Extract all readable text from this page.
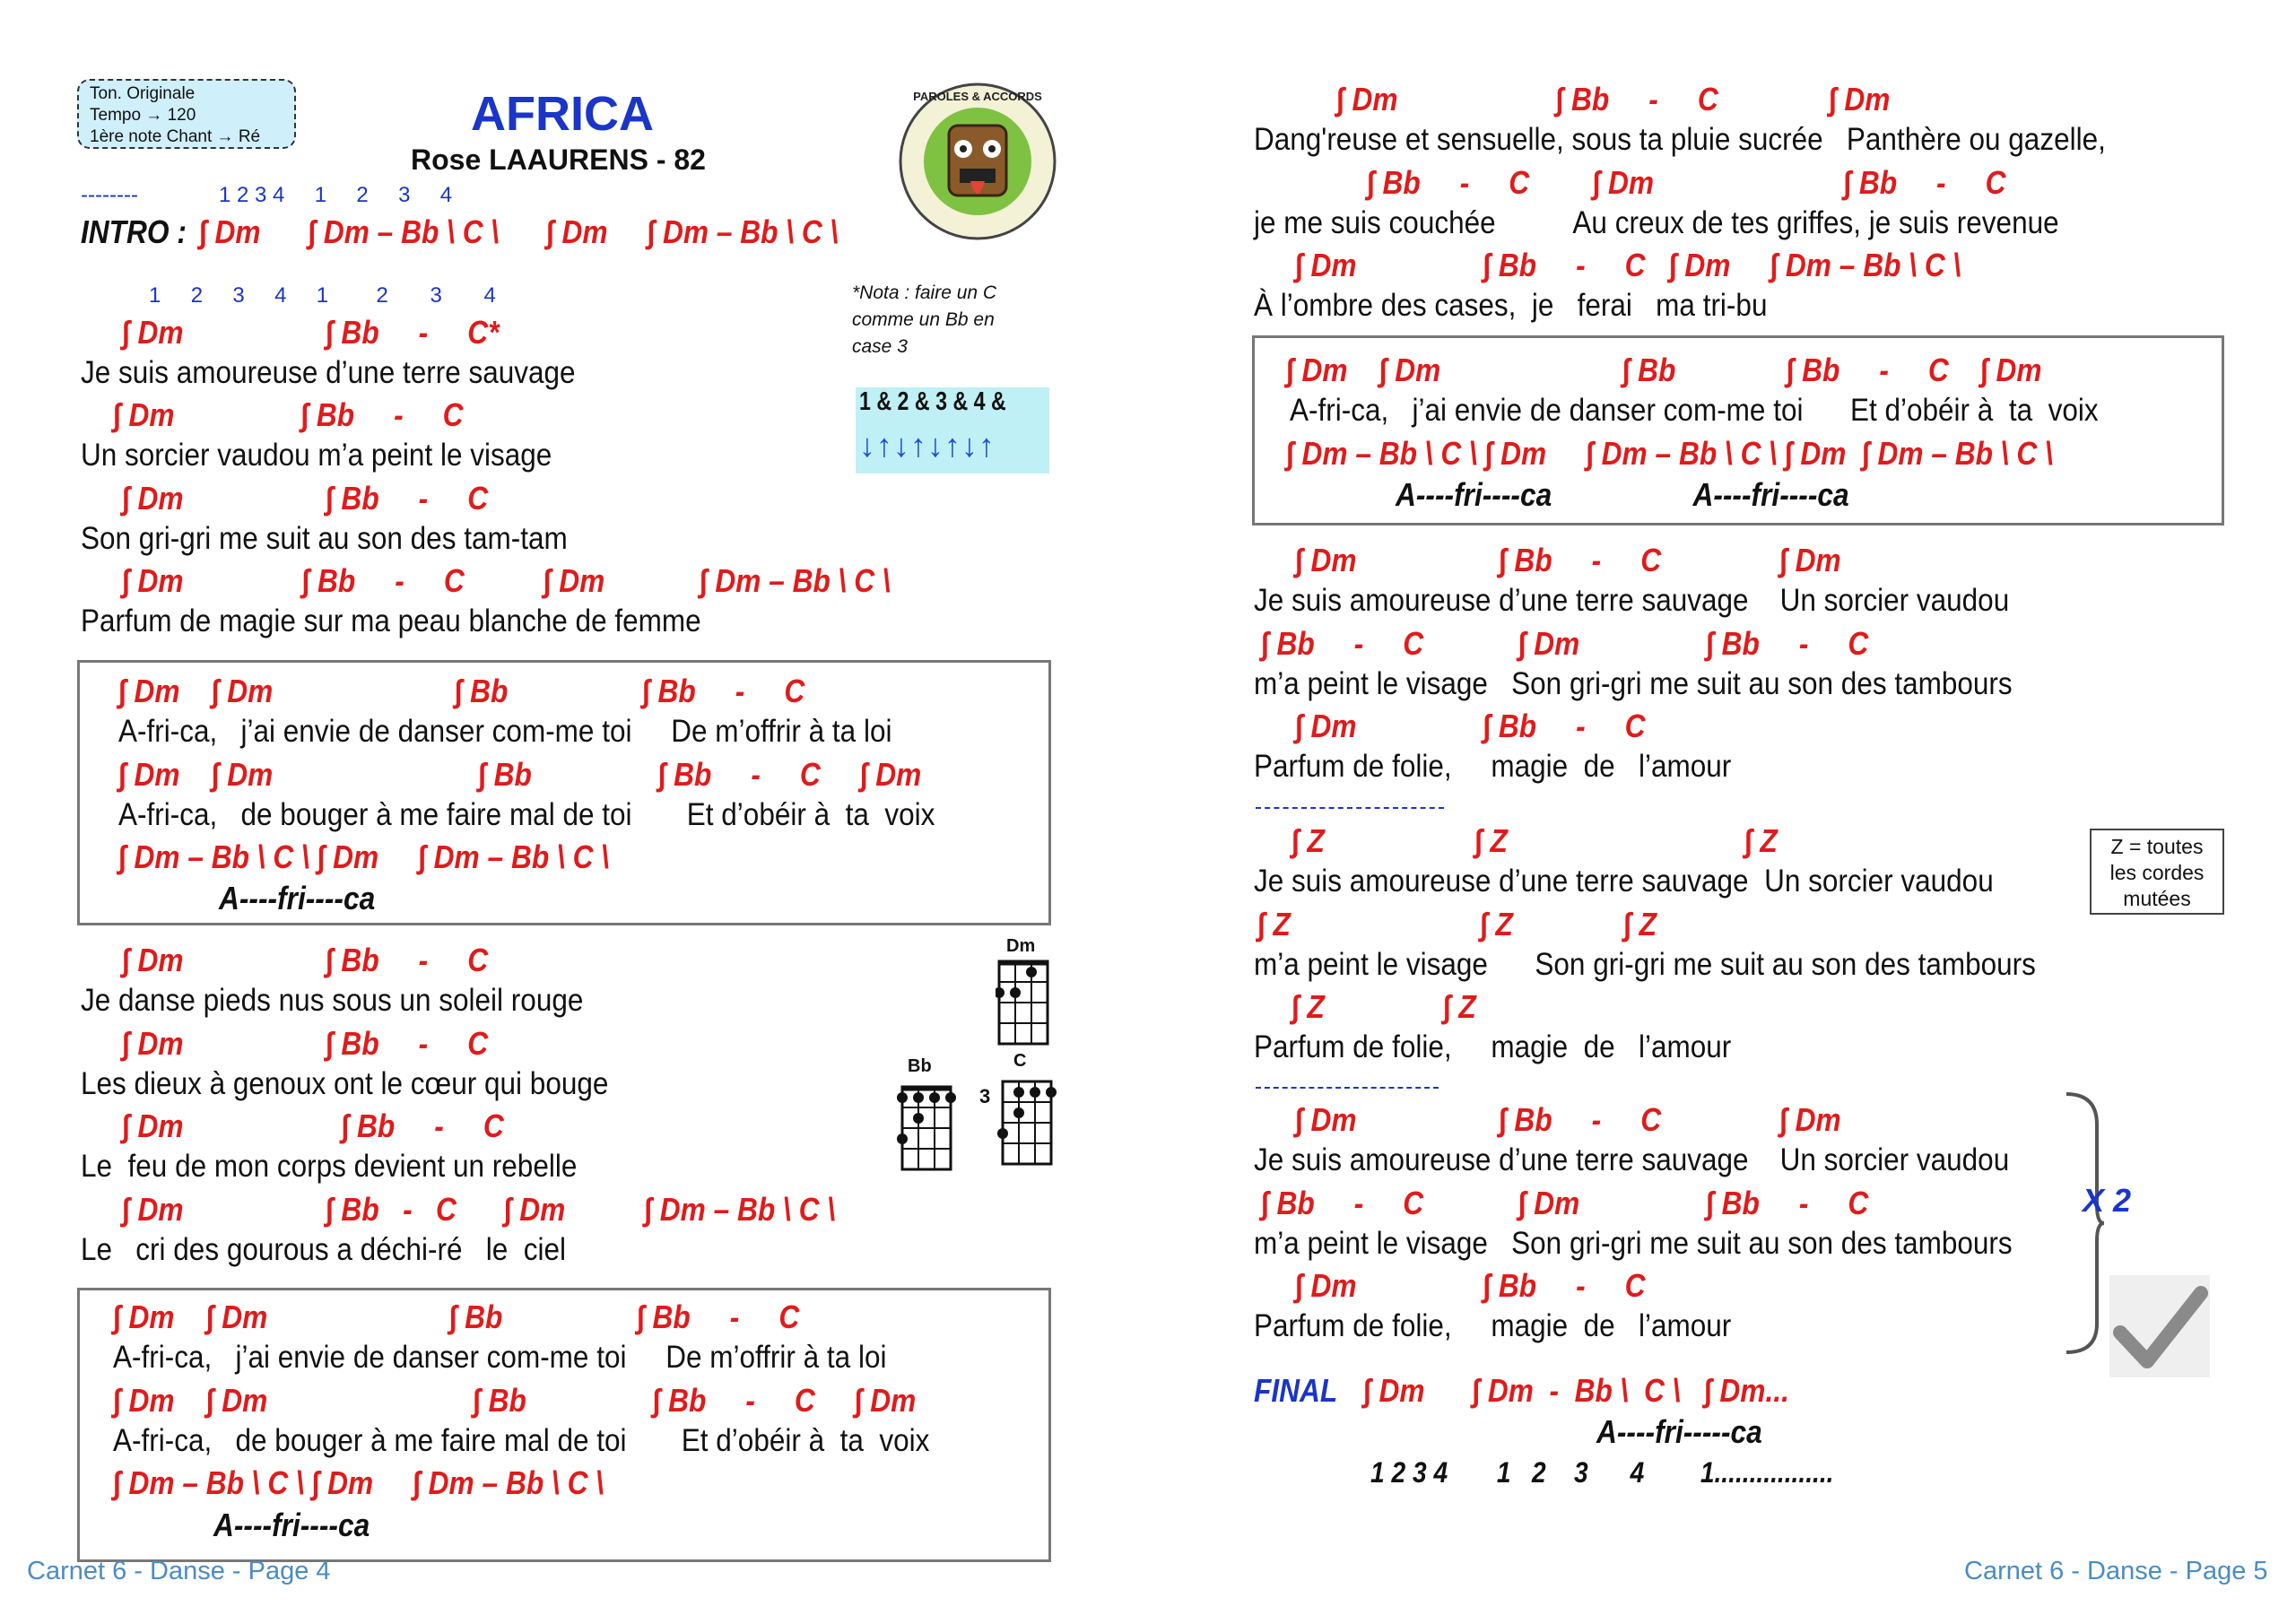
Ton. Originale
Tempo → 120
1ère note Chant → Ré	AFRICA
Rose LAAURENS - 82
PAROLES & ACCORDS
--------	1 2 3 4     1     2     3     4
INTRO : ∫ Dm      ∫ Dm – Bb \ C \      ∫ Dm     ∫ Dm – Bb \ C \
1     2     3     4     1        2       3       4
∫ Dm                  ∫ Bb     -     C*
Je suis amoureuse d’une terre sauvage
∫ Dm                ∫ Bb     -     C
Un sorcier vaudou m’a peint le visage
∫ Dm                  ∫ Bb     -     C
Son gri-gri me suit au son des tam-tam
∫ Dm               ∫ Bb     -     C          ∫ Dm            ∫ Dm – Bb \ C \
Parfum de magie sur ma peau blanche de femme
*Nota : faire un C
comme un Bb en
case 3
1 & 2 & 3 & 4 &
↓↑↓↑↓↑↓↑
∫ Dm    ∫ Dm                       ∫ Bb                 ∫ Bb     -     C
A-fri-ca,   j’ai envie de danser com-me toi     De m’offrir à ta loi
∫ Dm    ∫ Dm                          ∫ Bb                ∫ Bb     -     C     ∫ Dm
A-fri-ca,   de bouger à me faire mal de toi       Et d’obéir à  ta  voix
∫ Dm – Bb \ C \ ∫ Dm     ∫ Dm – Bb \ C \
A----fri----ca
∫ Dm                  ∫ Bb     -     C
Je danse pieds nus sous un soleil rouge
∫ Dm                  ∫ Bb     -     C
Les dieux à genoux ont le cœur qui bouge
∫ Dm                    ∫ Bb     -     C
Le  feu de mon corps devient un rebelle
∫ Dm                  ∫ Bb   -   C      ∫ Dm          ∫ Dm – Bb \ C \
Le   cri des gourous a déchi-ré   le  ciel
Dm
Bb	C
3
∫ Dm    ∫ Dm                       ∫ Bb                 ∫ Bb     -     C
A-fri-ca,   j’ai envie de danser com-me toi     De m’offrir à ta loi
∫ Dm    ∫ Dm                          ∫ Bb                ∫ Bb     -     C     ∫ Dm
A-fri-ca,   de bouger à me faire mal de toi       Et d’obéir à  ta  voix
∫ Dm – Bb \ C \ ∫ Dm     ∫ Dm – Bb \ C \
A----fri----ca
Carnet 6 - Danse - Page 4
∫ Dm                    ∫ Bb     -     C              ∫ Dm
Dang'reuse et sensuelle, sous ta pluie sucrée   Panthère ou gazelle,
∫ Bb     -     C        ∫ Dm                        ∫ Bb     -     C
je me suis couchée          Au creux de tes griffes, je suis revenue
∫ Dm                ∫ Bb     -     C   ∫ Dm     ∫ Dm – Bb \ C \
À l’ombre des cases,  je   ferai   ma tri-bu
∫ Dm    ∫ Dm                       ∫ Bb              ∫ Bb     -     C    ∫ Dm
A-fri-ca,   j’ai envie de danser com-me toi      Et d’obéir à  ta  voix
∫ Dm – Bb \ C \ ∫ Dm     ∫ Dm – Bb \ C \ ∫ Dm  ∫ Dm – Bb \ C \
A----fri----ca                  A----fri----ca
∫ Dm                  ∫ Bb     -     C               ∫ Dm
Je suis amoureuse d’une terre sauvage    Un sorcier vaudou
∫ Bb     -     C            ∫ Dm                ∫ Bb     -     C
m’a peint le visage   Son gri-gri me suit au son des tambours
∫ Dm                ∫ Bb     -     C
Parfum de folie,     magie  de   l’amour
∫ Z                   ∫ Z                              ∫ Z
Je suis amoureuse d’une terre sauvage  Un sorcier vaudou
∫ Z                        ∫ Z              ∫ Z
m’a peint le visage      Son gri-gri me suit au son des tambours
∫ Z               ∫ Z
Parfum de folie,     magie  de   l’amour
Z = toutes
les cordes
mutées
∫ Dm                  ∫ Bb     -     C               ∫ Dm
Je suis amoureuse d’une terre sauvage    Un sorcier vaudou
∫ Bb     -     C            ∫ Dm                ∫ Bb     -     C
m’a peint le visage   Son gri-gri me suit au son des tambours
∫ Dm                ∫ Bb     -     C
Parfum de folie,     magie  de   l’amour
X 2
FINAL ∫ Dm      ∫ Dm  -  Bb \  C \   ∫ Dm...
A----fri-----ca
1 2 3 4       1   2    3      4        1.................
Carnet 6 - Danse - Page 5
